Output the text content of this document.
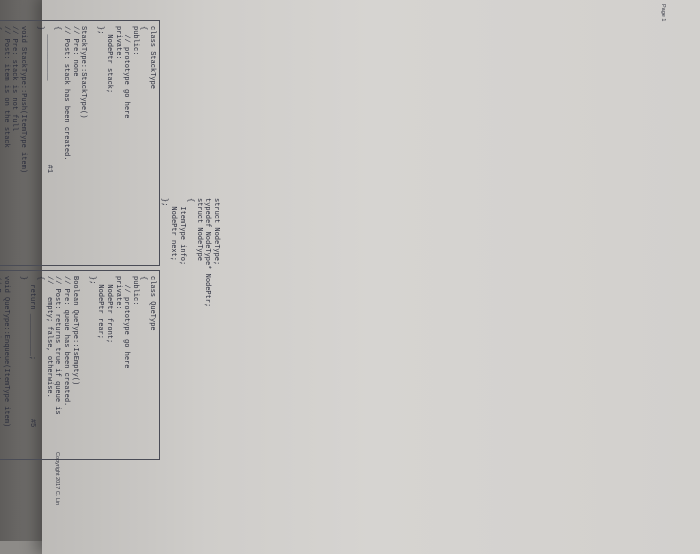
struct NodeType;
typedef NodeType* NodePtr;
struct NodeType
{
ItemType info;
NodePtr next;
};
class StackType
{
public:
// prototype go here
private:
NodePtr stack;
};

StackType::StackType()
// Pre: none
// Post: stack has been created.
{
___________                    #1
}

void StackType::Push(ItemType item)
// Pre: stack is not full
// Post: item is on the stack
class QueType
{
public:
// prototype go here
private:
NodePtr front;
NodePtr rear;
};

Boolean QueType::IsEmpty()
// Pre: queue has been created.
// Post: returns true if queue is
//   empty; false, otherwise.
{
return __________;              #5
}

void QueType::Enqueue(ItemType item)

Page 1
Copyright 2017 C. Lin
